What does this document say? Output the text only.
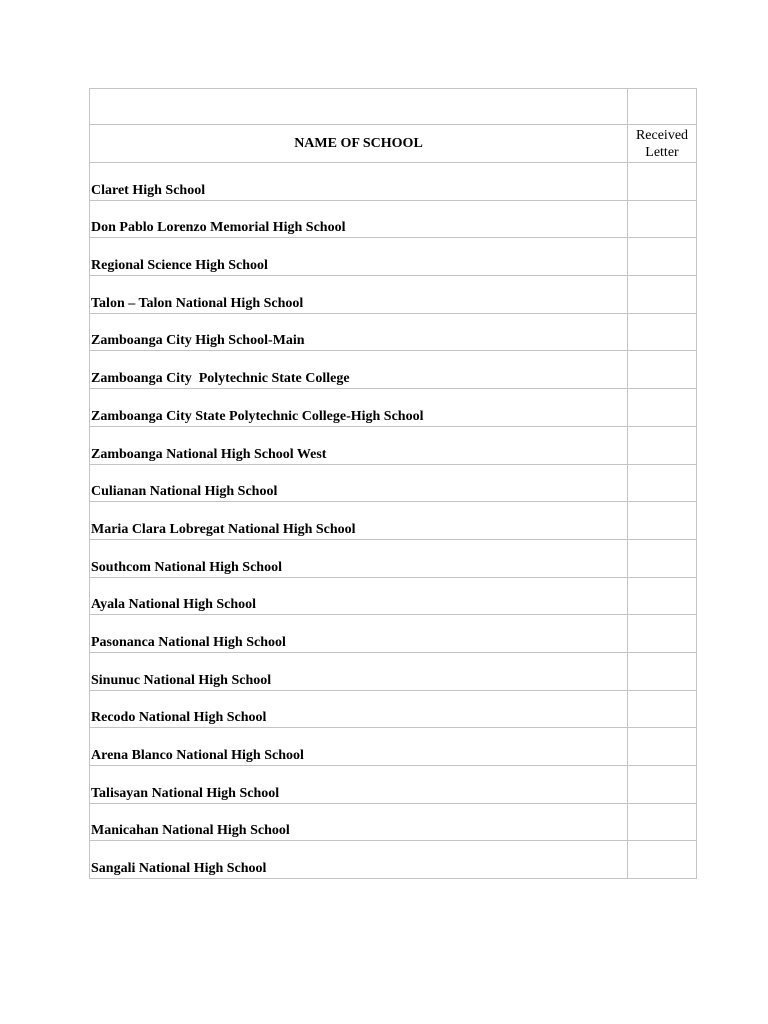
NAME OF SCHOOL	Received
Letter
Claret High School	
Don Pablo Lorenzo Memorial High School	
Regional Science High School	
Talon – Talon National High School	
Zamboanga City High School-Main	
Zamboanga City  Polytechnic State College	
Zamboanga City State Polytechnic College-High School	
Zamboanga National High School West	
Culianan National High School	
Maria Clara Lobregat National High School	
Southcom National High School	
Ayala National High School	
Pasonanca National High School	
Sinunuc National High School	
Recodo National High School	
Arena Blanco National High School	
Talisayan National High School	
Manicahan National High School	
Sangali National High School	
